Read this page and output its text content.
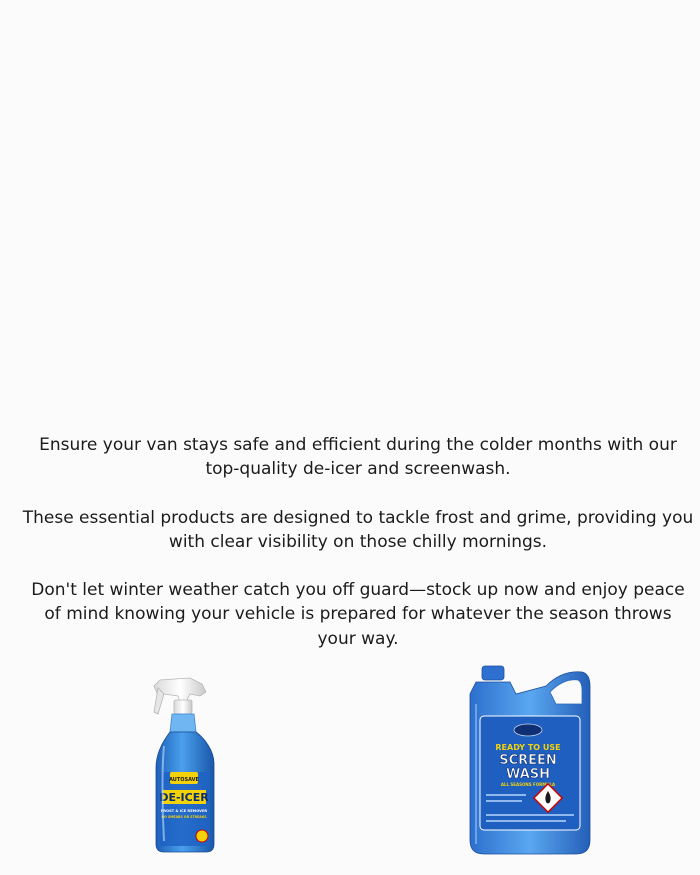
Ensure your van stays safe and efficient during the colder months with our
top-quality de-icer and screenwash.

These essential products are designed to tackle frost and grime, providing you
with clear visibility on those chilly mornings.

Don't let winter weather catch you off guard—stock up now and enjoy peace
of mind knowing your vehicle is prepared for whatever the season throws
your way.

AUTOSAVE
DE-ICER
FROST & ICE REMOVER
NO SMEARS OR STREAKS
READY TO USE
SCREEN
WASH
ALL SEASONS FORMULA
